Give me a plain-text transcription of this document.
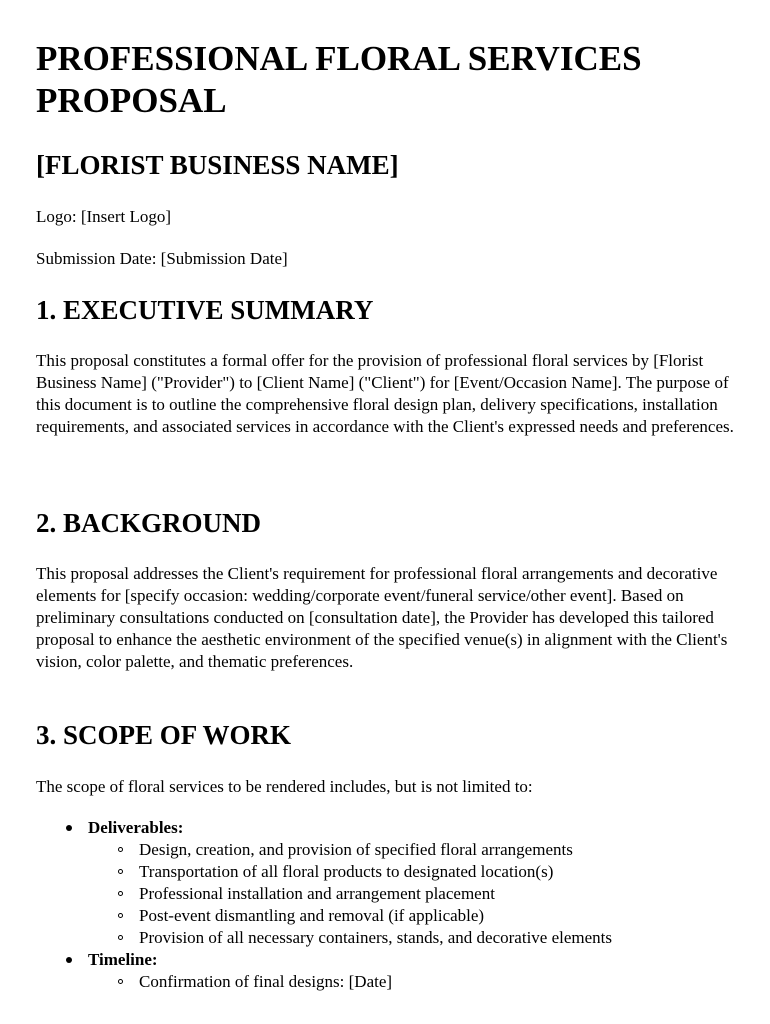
PROFESSIONAL FLORAL SERVICES PROPOSAL
[FLORIST BUSINESS NAME]

Logo: [Insert Logo]

Submission Date: [Submission Date]

1. EXECUTIVE SUMMARY

This proposal constitutes a formal offer for the provision of professional floral services by [Florist Business Name] ("Provider") to [Client Name] ("Client") for [Event/Occasion Name]. The purpose of this document is to outline the comprehensive floral design plan, delivery specifications, installation requirements, and associated services in accordance with the Client's expressed needs and preferences.

2. BACKGROUND

This proposal addresses the Client's requirement for professional floral arrangements and decorative elements for [specify occasion: wedding/corporate event/funeral service/other event]. Based on preliminary consultations conducted on [consultation date], the Provider has developed this tailored proposal to enhance the aesthetic environment of the specified venue(s) in alignment with the Client's vision, color palette, and thematic preferences.

3. SCOPE OF WORK

The scope of floral services to be rendered includes, but is not limited to:

Deliverables:
Design, creation, and provision of specified floral arrangements
Transportation of all floral products to designated location(s)
Professional installation and arrangement placement
Post-event dismantling and removal (if applicable)
Provision of all necessary containers, stands, and decorative elements
Timeline:
Confirmation of final designs: [Date]
